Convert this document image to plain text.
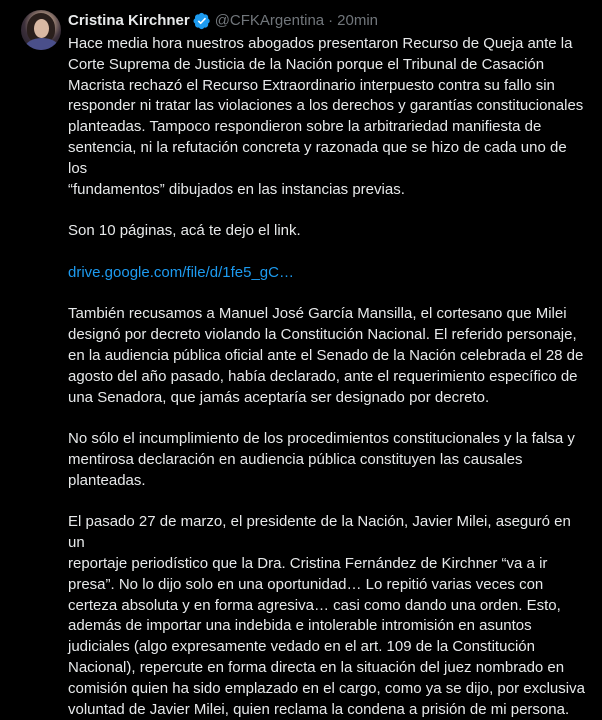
Cristina Kirchner @CFKArgentina · 20min

Hace media hora nuestros abogados presentaron Recurso de Queja ante la
Corte Suprema de Justicia de la Nación porque el Tribunal de Casación
Macrista rechazó el Recurso Extraordinario interpuesto contra su fallo sin
responder ni tratar las violaciones a los derechos y garantías constitucionales
planteadas. Tampoco respondieron sobre la arbitrariedad manifiesta de
sentencia, ni la refutación concreta y razonada que se hizo de cada uno de los
“fundamentos” dibujados en las instancias previas.

Son 10 páginas, acá te dejo el link.

drive.google.com/file/d/1fe5_gC…

También recusamos a Manuel José García Mansilla, el cortesano que Milei
designó por decreto violando la Constitución Nacional. El referido personaje,
en la audiencia pública oficial ante el Senado de la Nación celebrada el 28 de
agosto del año pasado, había declarado, ante el requerimiento específico de
una Senadora, que jamás aceptaría ser designado por decreto.

No sólo el incumplimiento de los procedimientos constitucionales y la falsa y
mentirosa declaración en audiencia pública constituyen las causales
planteadas.

El pasado 27 de marzo, el presidente de la Nación, Javier Milei, aseguró en un
reportaje periodístico que la Dra. Cristina Fernández de Kirchner “va a ir
presa”. No lo dijo solo en una oportunidad… Lo repitió varias veces con
certeza absoluta y en forma agresiva… casi como dando una orden. Esto,
además de importar una indebida e intolerable intromisión en asuntos
judiciales (algo expresamente vedado en el art. 109 de la Constitución
Nacional), repercute en forma directa en la situación del juez nombrado en
comisión quien ha sido emplazado en el cargo, como ya se dijo, por exclusiva
voluntad de Javier Milei, quien reclama la condena a prisión de mi persona.
